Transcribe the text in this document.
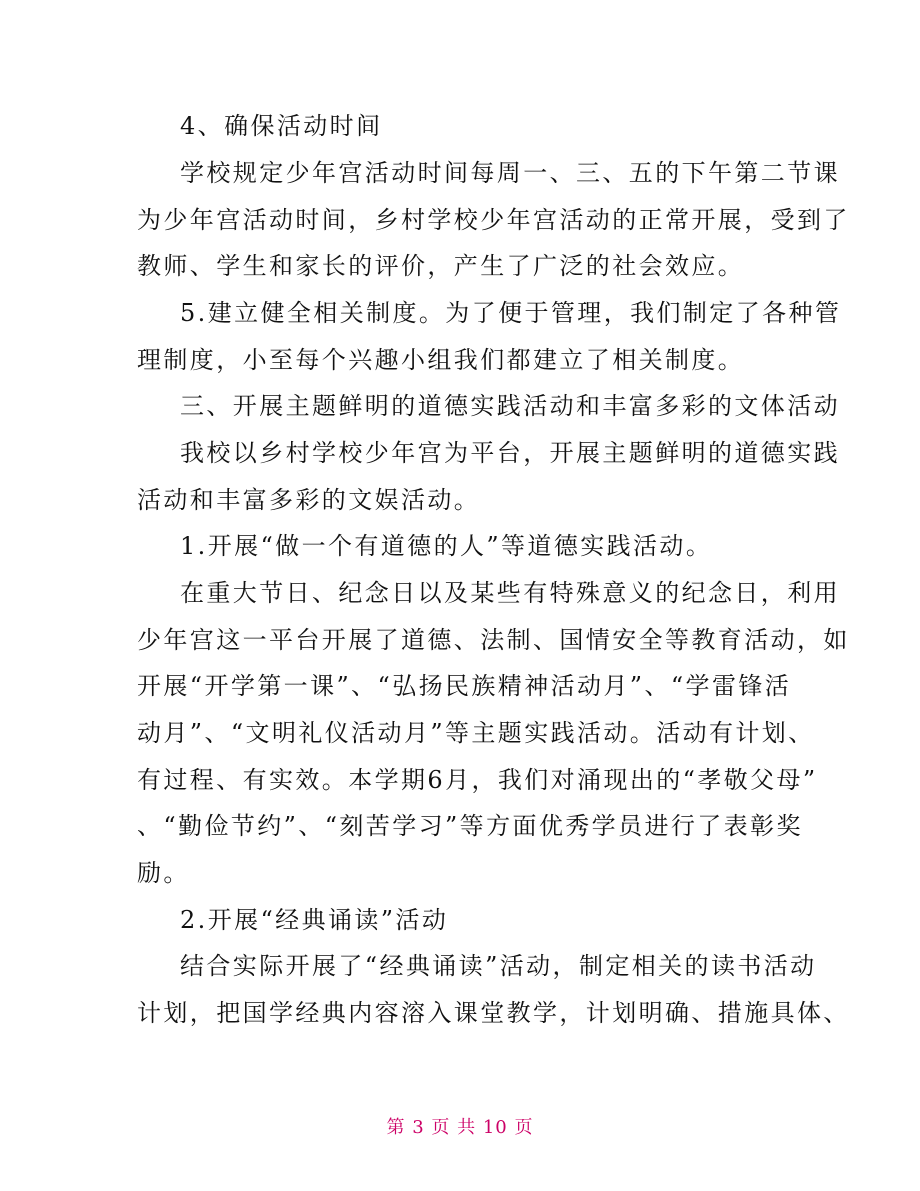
4、确保活动时间
学校规定少年宫活动时间每周一、三、五的下午第二节课
为少年宫活动时间，乡村学校少年宫活动的正常开展，受到了
教师、学生和家长的评价，产生了广泛的社会效应。
5.建立健全相关制度。为了便于管理，我们制定了各种管
理制度，小至每个兴趣小组我们都建立了相关制度。
三、开展主题鲜明的道德实践活动和丰富多彩的文体活动
我校以乡村学校少年宫为平台，开展主题鲜明的道德实践
活动和丰富多彩的文娱活动。
1.开展“做一个有道德的人”等道德实践活动。
在重大节日、纪念日以及某些有特殊意义的纪念日，利用
少年宫这一平台开展了道德、法制、国情安全等教育活动，如
开展“开学第一课”、“弘扬民族精神活动月”、“学雷锋活
动月”、“文明礼仪活动月”等主题实践活动。活动有计划、
有过程、有实效。本学期6月，我们对涌现出的“孝敬父母”
、“勤俭节约”、“刻苦学习”等方面优秀学员进行了表彰奖
励。
2.开展“经典诵读”活动
结合实际开展了“经典诵读”活动，制定相关的读书活动
计划，把国学经典内容溶入课堂教学，计划明确、措施具体、
第 3 页 共 10 页
